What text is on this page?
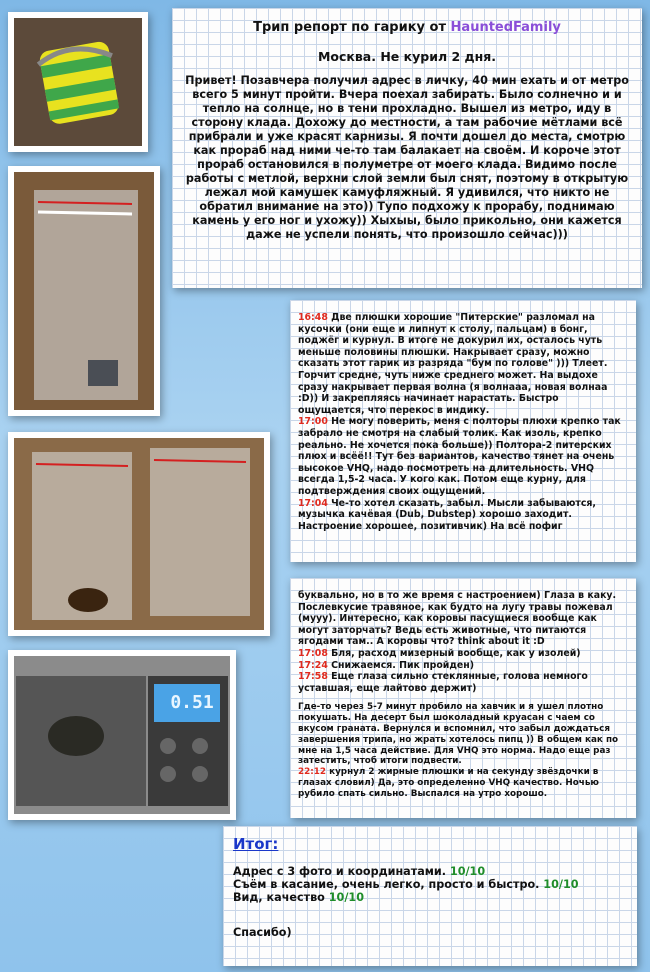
0.51

Трип репорт по гарику от HauntedFamily

Москва. Не курил 2 дня.

Привет! Позавчера получил адрес в личку, 40 мин ехать и от метро всего 5 минут пройти. Вчера поехал забирать. Было солнечно и и тепло на солнце, но в тени прохладно. Вышел из метро, иду в сторону клада. Дохожу до местности, а там рабочие мётлами всё прибрали и уже красят карнизы. Я почти дошел до места, смотрю как прораб над ними че-то там балакает на своём. И короче этот прораб остановился в полуметре от моего клада. Видимо после работы с метлой, верхни слой земли был снят, поэтому в открытую лежал мой камушек камуфляжный. Я удивился, что никто не обратил внимание на это)) Тупо подхожу к прорабу, поднимаю камень у его ног и ухожу)) Хыхыы, было прикольно, они кажется даже не успели понять, что произошло сейчас)))

16:48 Две плюшки хорошие "Питерские" разломал на кусочки (они еще и липнут к столу, пальцам) в бонг, поджёг и курнул. В итоге не докурил их, осталось чуть меньше половины плюшки. Накрывает сразу, можно сказать этот гарик из разряда "бум по голове" ))) Тлеет. Горчит средне, чуть ниже среднего может. На выдохе сразу накрывает первая волна (я волнааа, новая волнаа :D)) И закрепляясь начинает нарастать. Быстро ощущается, что перекос в индику.

17:00 Не могу поверить, меня с полторы плюхи крепко так забрало не смотря на слабый толик. Как изоль, крепко реально. Не хочется пока больше)) Полтора-2 питерских плюх и всёё!! Тут без вариантов, качество тянет на очень высокое VHQ, надо посмотреть на длительность. VHQ всегда 1,5-2 часа. У кого как. Потом еще курну, для подтверждения своих ощущений.

17:04 Че-то хотел сказать, забыл. Мысли забываются, музычка качёвая (Dub, Dubstep) хорошо заходит. Настроение хорошее, позитивчик) На всё пофиг

буквально, но в то же время с настроением) Глаза в каку. Послевкусие травяное, как будто на лугу травы пожевал (мууу). Интересно, как коровы пасущиеся вообще как могут заторчать? Ведь есть животные, что питаются ягодами там.. А коровы что? think about it :D

17:08 Бля, расход мизерный вообще, как у изолей)

17:24 Снижаемся. Пик пройден)

17:58 Еще глаза сильно стеклянные, голова немного уставшая, еще лайтово держит)

Где-то через 5-7 минут пробило на хавчик и я ушел плотно покушать. На десерт был шоколадный круасан с чаем со вкусом граната. Вернулся и вспомнил, что забыл дождаться завершения трипа, но жрать хотелось пипц )) В общем как по мне на 1,5 часа действие. Для VHQ это норма. Надо еще раз затестить, чтоб итоги подвести.

22:12 курнул 2 жирные плюшки и на секунду звёздочки в глазах словил) Да, это определенно VHQ качество. Ночью рубило спать сильно. Выспался на утро хорошо.

Итог:

Адрес с 3 фото и координатами. 10/10

Съём в касание, очень легко, просто и быстро. 10/10

Вид, качество 10/10

Спасибо)
